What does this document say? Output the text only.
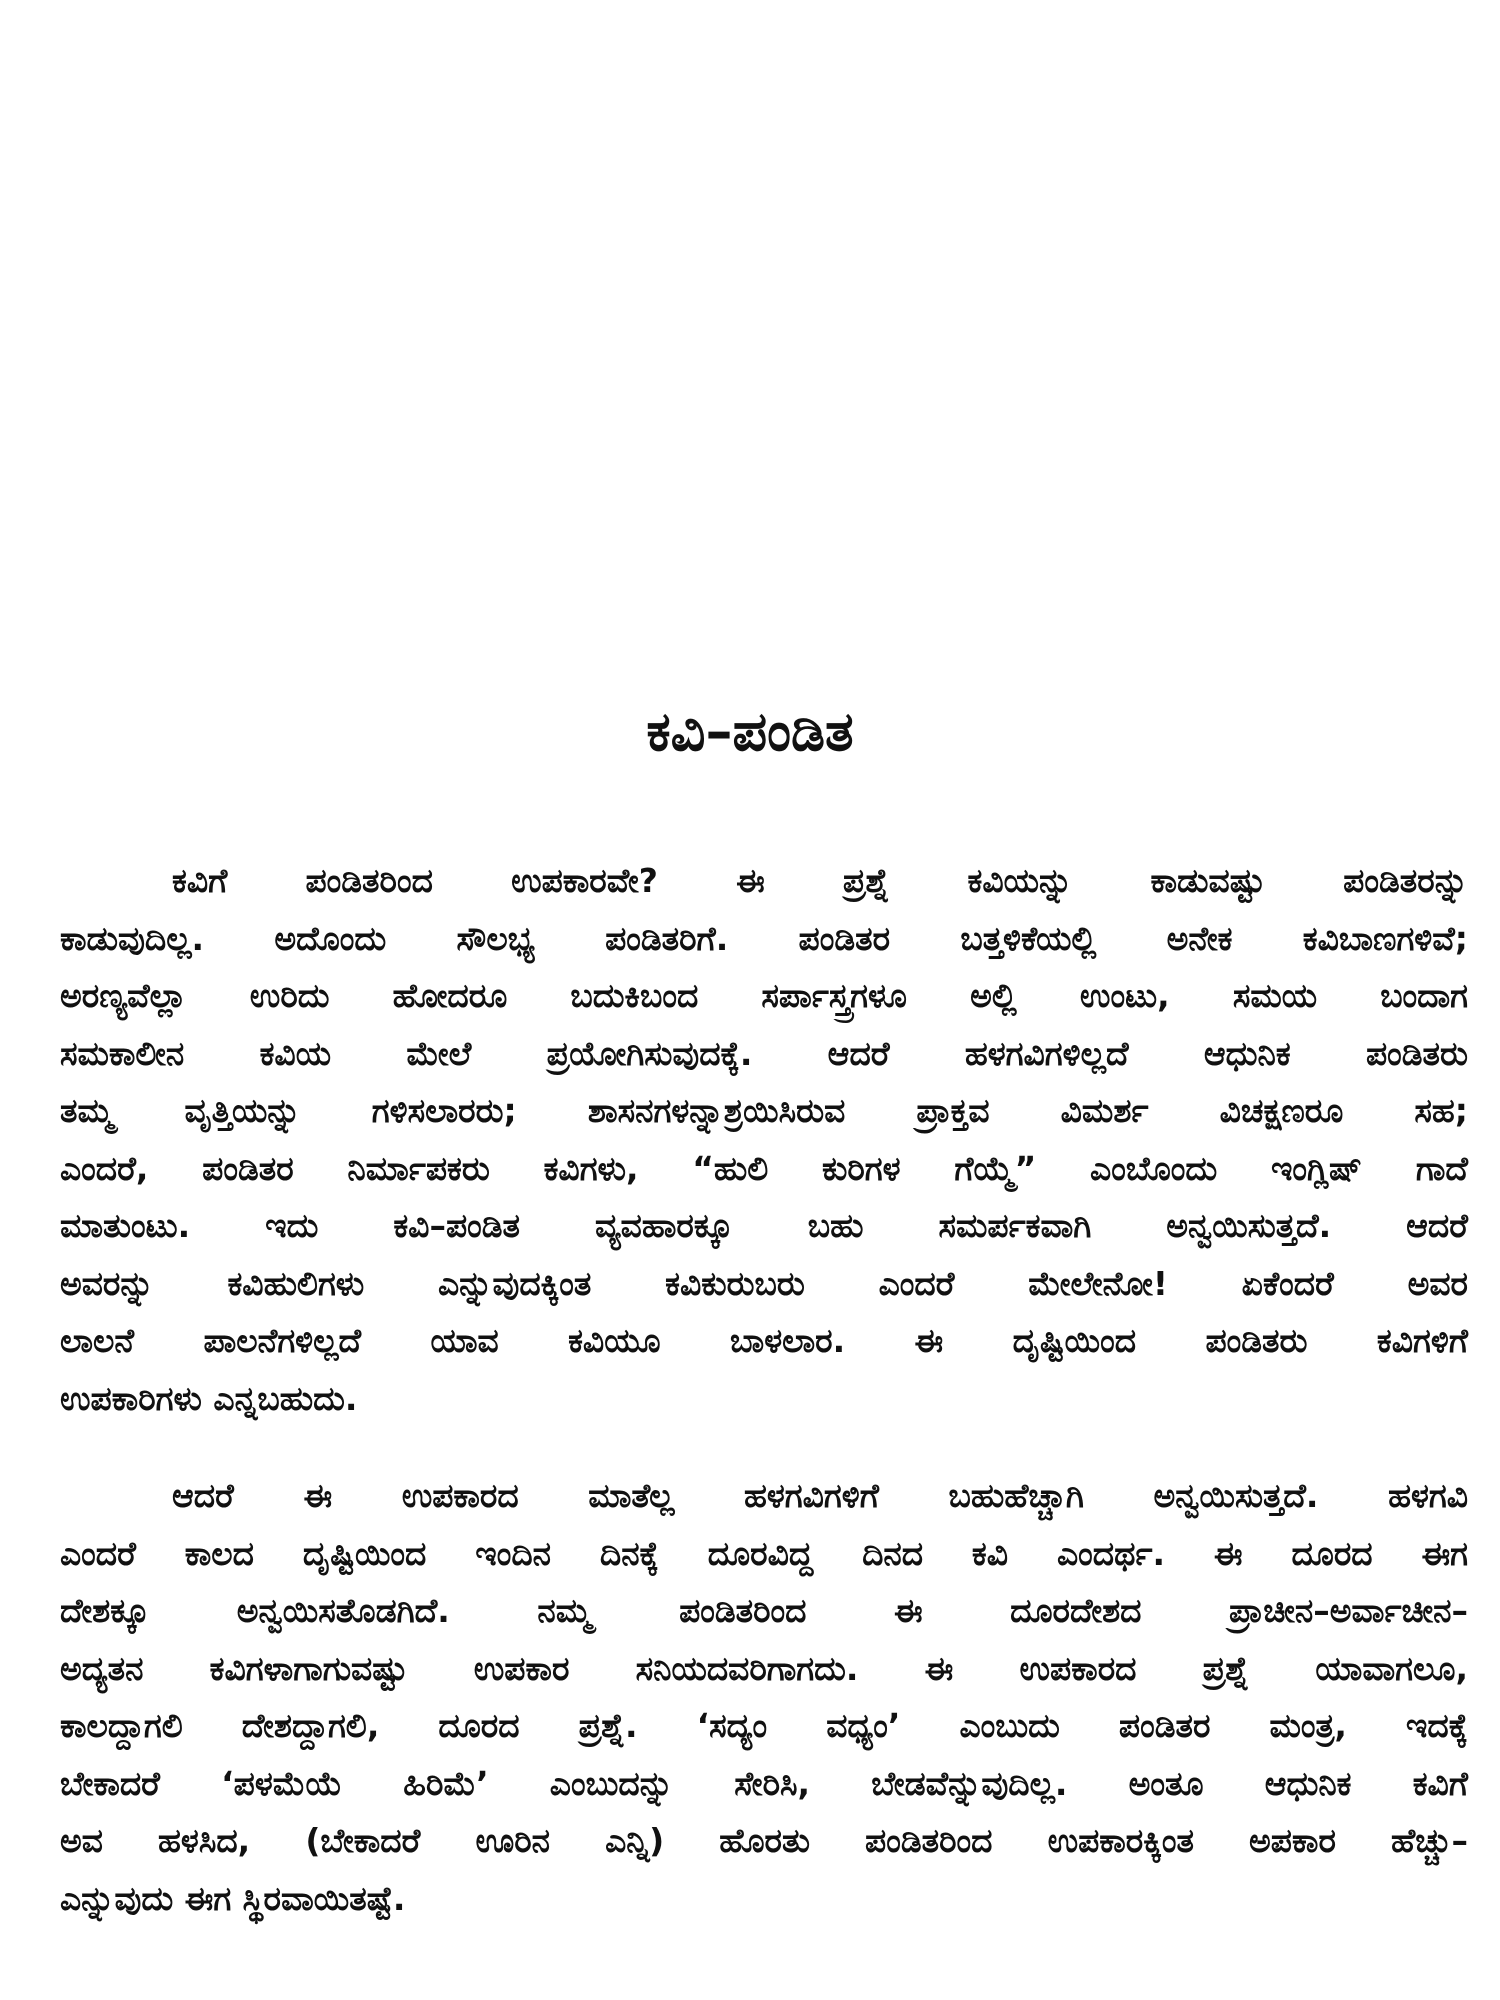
ಕವಿ–ಪಂಡಿತ
ಕವಿಗೆ ಪಂಡಿತರಿಂದ ಉಪಕಾರವೇ? ಈ ಪ್ರಶ್ನೆ ಕವಿಯನ್ನು ಕಾಡುವಷ್ಟು ಪಂಡಿತರನ್ನು
ಕಾಡುವುದಿಲ್ಲ. ಅದೊಂದು ಸೌಲಭ್ಯ ಪಂಡಿತರಿಗೆ. ಪಂಡಿತರ ಬತ್ತಳಿಕೆಯಲ್ಲಿ ಅನೇಕ ಕವಿಬಾಣಗಳಿವೆ;
ಅರಣ್ಯವೆಲ್ಲಾ ಉರಿದು ಹೋದರೂ ಬದುಕಿಬಂದ ಸರ್ಪಾಸ್ತ್ರಗಳೂ ಅಲ್ಲಿ ಉಂಟು, ಸಮಯ ಬಂದಾಗ
ಸಮಕಾಲೀನ ಕವಿಯ ಮೇಲೆ ಪ್ರಯೋಗಿಸುವುದಕ್ಕೆ. ಆದರೆ ಹಳಗವಿಗಳಿಲ್ಲದೆ ಆಧುನಿಕ ಪಂಡಿತರು
ತಮ್ಮ ವೃತ್ತಿಯನ್ನು ಗಳಿಸಲಾರರು; ಶಾಸನಗಳನ್ನಾಶ್ರಯಿಸಿರುವ ಪ್ರಾಕ್ತವ ವಿಮರ್ಶ ವಿಚಕ್ಷಣರೂ ಸಹ;
ಎಂದರೆ, ಪಂಡಿತರ ನಿರ್ಮಾಪಕರು ಕವಿಗಳು, “ಹುಲಿ ಕುರಿಗಳ ಗೆಯ್ಮೆ” ಎಂಬೊಂದು ಇಂಗ್ಲಿಷ್ ಗಾದೆ
ಮಾತುಂಟು. ಇದು ಕವಿ–ಪಂಡಿತ ವ್ಯವಹಾರಕ್ಕೂ ಬಹು ಸಮರ್ಪಕವಾಗಿ ಅನ್ವಯಿಸುತ್ತದೆ. ಆದರೆ
ಅವರನ್ನು ಕವಿಹುಲಿಗಳು ಎನ್ನುವುದಕ್ಕಿಂತ ಕವಿಕುರುಬರು ಎಂದರೆ ಮೇಲೇನೋ! ಏಕೆಂದರೆ ಅವರ
ಲಾಲನೆ ಪಾಲನೆಗಳಿಲ್ಲದೆ ಯಾವ ಕವಿಯೂ ಬಾಳಲಾರ. ಈ ದೃಷ್ಟಿಯಿಂದ ಪಂಡಿತರು ಕವಿಗಳಿಗೆ
ಉಪಕಾರಿಗಳು ಎನ್ನಬಹುದು.
ಆದರೆ ಈ ಉಪಕಾರದ ಮಾತೆಲ್ಲ ಹಳಗವಿಗಳಿಗೆ ಬಹುಹೆಚ್ಚಾಗಿ ಅನ್ವಯಿಸುತ್ತದೆ. ಹಳಗವಿ
ಎಂದರೆ ಕಾಲದ ದೃಷ್ಟಿಯಿಂದ ಇಂದಿನ ದಿನಕ್ಕೆ ದೂರವಿದ್ದ ದಿನದ ಕವಿ ಎಂದರ್ಥ. ಈ ದೂರದ ಈಗ
ದೇಶಕ್ಕೂ ಅನ್ವಯಿಸತೊಡಗಿದೆ. ನಮ್ಮ ಪಂಡಿತರಿಂದ ಈ ದೂರದೇಶದ ಪ್ರಾಚೀನ–ಅರ್ವಾಚೀನ–
ಅದ್ಯತನ ಕವಿಗಳಾಗಾಗುವಷ್ಟು ಉಪಕಾರ ಸನಿಯದವರಿಗಾಗದು. ಈ ಉಪಕಾರದ ಪ್ರಶ್ನೆ ಯಾವಾಗಲೂ,
ಕಾಲದ್ದಾಗಲಿ ದೇಶದ್ದಾಗಲಿ, ದೂರದ ಪ್ರಶ್ನೆ. ‘ಸದ್ಯಂ ವಧ್ಯಂ’ ಎಂಬುದು ಪಂಡಿತರ ಮಂತ್ರ, ಇದಕ್ಕೆ
ಬೇಕಾದರೆ ‘ಪಳಮೆಯೆ ಹಿರಿಮೆ’ ಎಂಬುದನ್ನು ಸೇರಿಸಿ, ಬೇಡವೆನ್ನುವುದಿಲ್ಲ. ಅಂತೂ ಆಧುನಿಕ ಕವಿಗೆ
ಅವ ಹಳಸಿದ, (ಬೇಕಾದರೆ ಊರಿನ ಎನ್ನಿ) ಹೊರತು ಪಂಡಿತರಿಂದ ಉಪಕಾರಕ್ಕಿಂತ ಅಪಕಾರ ಹೆಚ್ಚು–
ಎನ್ನುವುದು ಈಗ ಸ್ಥಿರವಾಯಿತಷ್ಟೆ.
